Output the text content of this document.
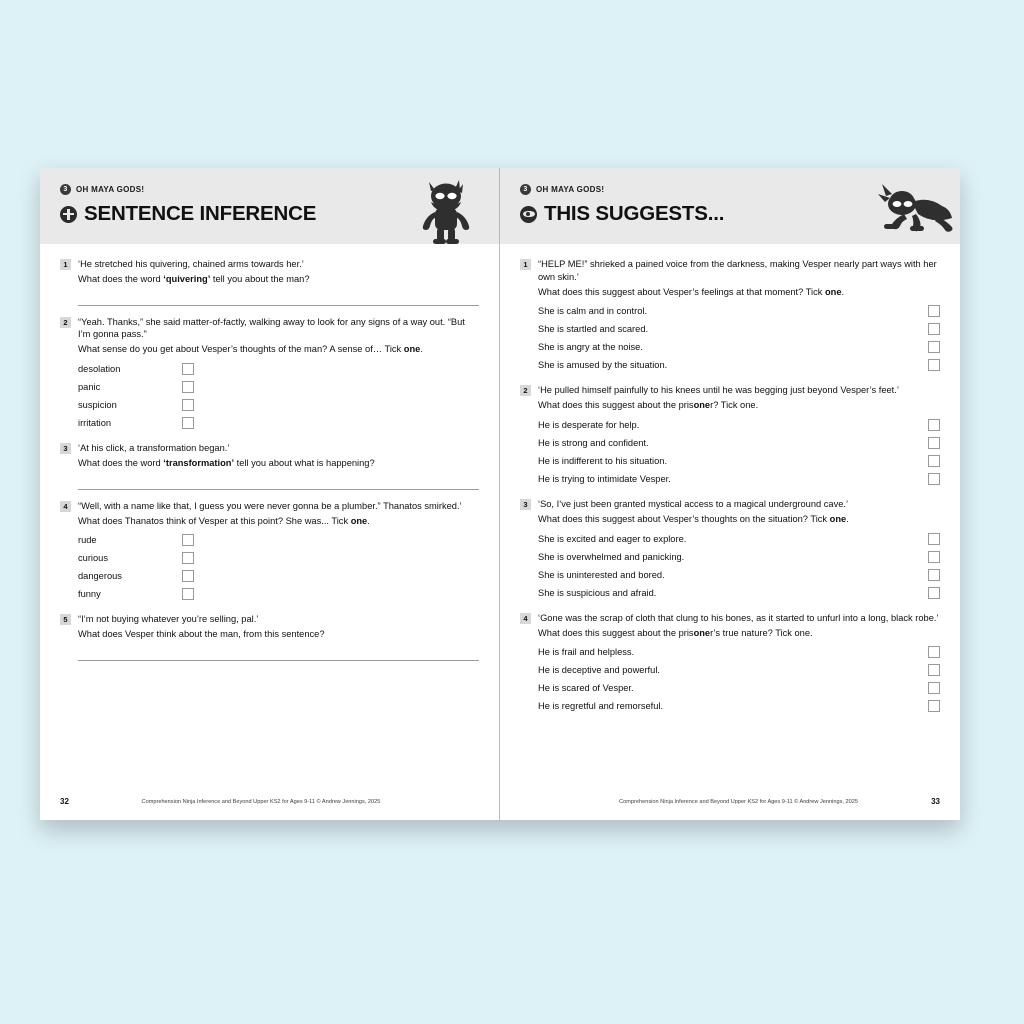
3	OH MAYA GODS!
SENTENCE INFERENCE
1	‘He stretched his quivering, chained arms towards her.’

What does the word ‘quivering’ tell you about the man?

2	“Yeah. Thanks,” she said matter-of-factly, walking away to look for any signs of a way out. “But I’m gonna pass.”

What sense do you get about Vesper’s thoughts of the man? A sense of… Tick one.

desolation
panic
suspicion
irritation
3	‘At his click, a transformation began.’

What does the word ‘transformation’ tell you about what is happening?

4	“Well, with a name like that, I guess you were never gonna be a plumber.” Thanatos smirked.’

What does Thanatos think of Vesper at this point? She was... Tick one.

rude
curious
dangerous
funny
5	“I’m not buying whatever you’re selling, pal.’

What does Vesper think about the man, from this sentence?

32	Comprehension Ninja Inference and Beyond Upper KS2 for Ages 9-11 © Andrew Jennings, 2025
3	OH MAYA GODS!
THIS SUGGESTS...
1	“HELP ME!” shrieked a pained voice from the darkness, making Vesper nearly part ways with her own skin.’

What does this suggest about Vesper’s feelings at that moment? Tick one.

She is calm and in control.
She is startled and scared.
She is angry at the noise.
She is amused by the situation.
2	‘He pulled himself painfully to his knees until he was begging just beyond Vesper’s feet.’

What does this suggest about the prisoner? Tick one.

He is desperate for help.
He is strong and confident.
He is indifferent to his situation.
He is trying to intimidate Vesper.
3	‘So, I’ve just been granted mystical access to a magical underground cave.’

What does this suggest about Vesper’s thoughts on the situation? Tick one.

She is excited and eager to explore.
She is overwhelmed and panicking.
She is uninterested and bored.
She is suspicious and afraid.
4	‘Gone was the scrap of cloth that clung to his bones, as it started to unfurl into a long, black robe.’

What does this suggest about the prisoner’s true nature? Tick one.

He is frail and helpless.
He is deceptive and powerful.
He is scared of Vesper.
He is regretful and remorseful.
Comprehension Ninja Inference and Beyond Upper KS2 for Ages 9-11 © Andrew Jennings, 2025	33
